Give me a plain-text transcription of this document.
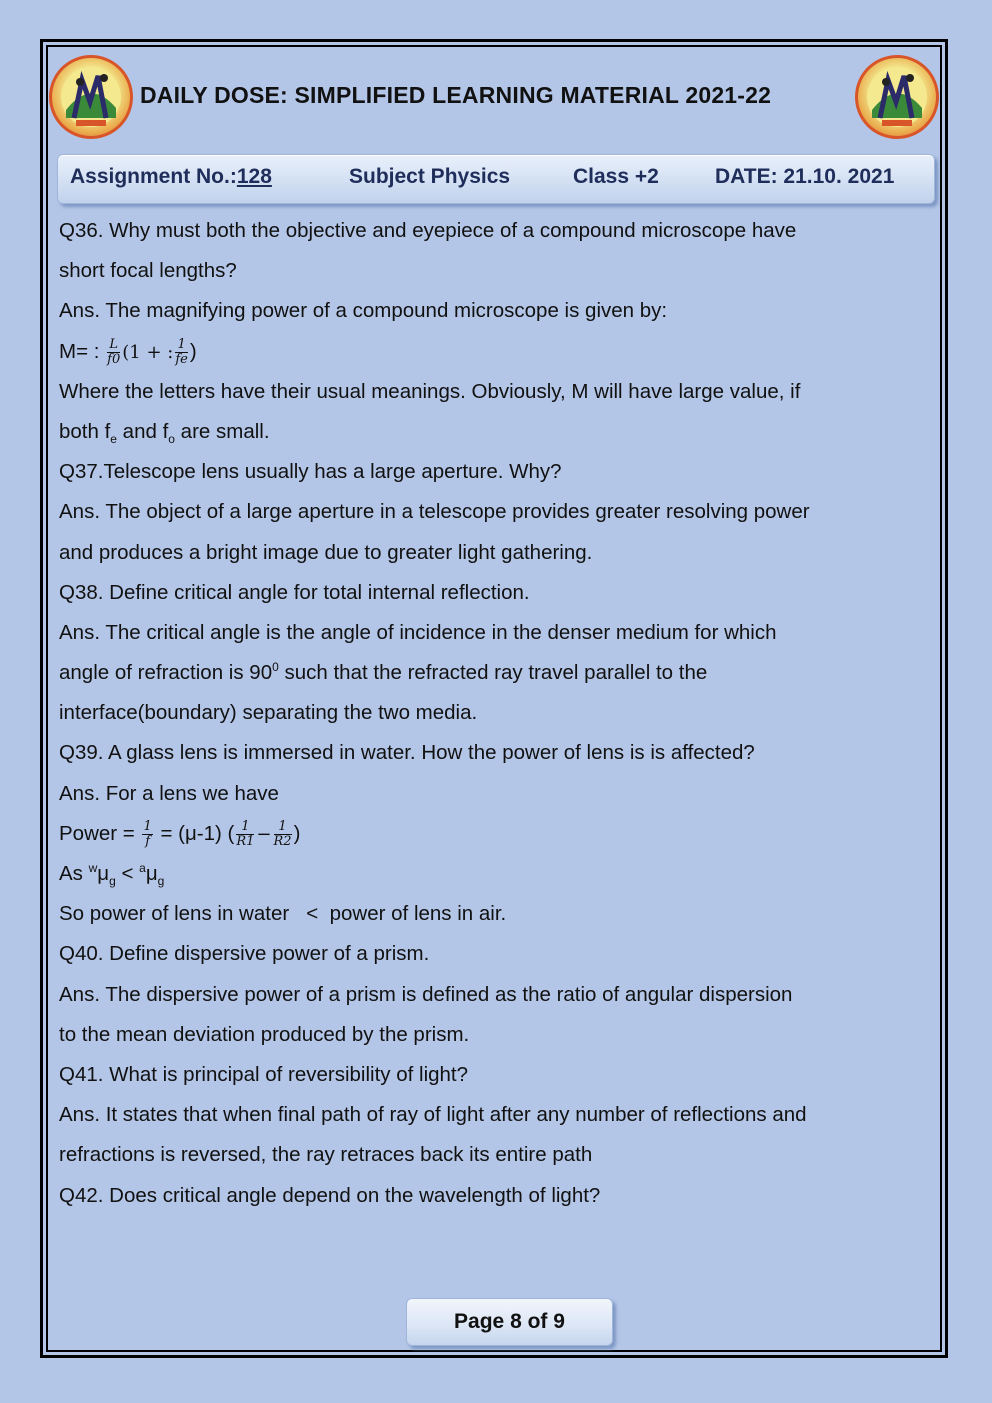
DAILY DOSE: SIMPLIFIED LEARNING MATERIAL 2021-22
Assignment No.:128	Subject Physics	Class +2	DATE: 21.10. 2021
Q36. Why must both the objective and eyepiece of a compound microscope have
short focal lengths?
Ans. The magnifying power of a compound microscope is given by:
M= : $\frac{L}{f0} (1$ + : $\frac{1}{fe}$ )
Where the letters have their usual meanings. Obviously, M will have large value, if
both $f_e$ and $f_o$ are small.
Q37.Telescope lens usually has a large aperture. Why?
Ans. The object of a large aperture in a telescope provides greater resolving power
and produces a bright image due to greater light gathering.
Q38. Define critical angle for total internal reflection.
Ans. The critical angle is the angle of incidence in the denser medium for which
angle of refraction is $90^0$ such that the refracted ray travel parallel to the
interface(boundary) separating the two media.
Q39. A glass lens is immersed in water. How the power of lens is is affected?
Ans. For a lens we have
Power = $\frac{1}{f} = (\mu-1)$ ( $\frac{1}{R1} - \frac{1}{R2}$ )
As $^w\mu_g < ^a\mu_g$
So power of lens in water   <  power of lens in air.
Q40. Define dispersive power of a prism.
Ans. The dispersive power of a prism is defined as the ratio of angular dispersion
to the mean deviation produced by the prism.
Q41. What is principal of reversibility of light?
Ans. It states that when final path of ray of light after any number of reflections and
refractions is reversed, the ray retraces back its entire path
Q42. Does critical angle depend on the wavelength of light?
Page 8 of 9
